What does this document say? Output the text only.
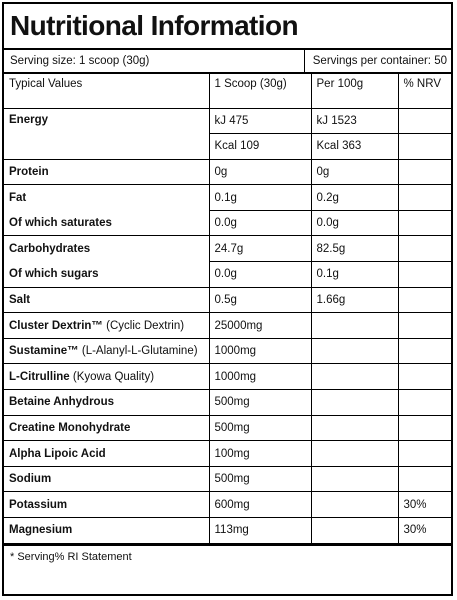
Nutritional Information
Serving size: 1 scoop (30g)	Servings per container: 50
Typical Values	1 Scoop (30g)	Per 100g	% NRV
Energy	kJ 475	kJ 1523	
	Kcal 109	Kcal 363	
Protein	0g	0g	
Fat	0.1g	0.2g	
Of which saturates	0.0g	0.0g	
Carbohydrates	24.7g	82.5g	
Of which sugars	0.0g	0.1g	
Salt	0.5g	1.66g	
Cluster Dextrin™ (Cyclic Dextrin)	25000mg		
Sustamine™ (L-Alanyl-L-Glutamine)	1000mg		
L-Citrulline (Kyowa Quality)	1000mg		
Betaine Anhydrous	500mg		
Creatine Monohydrate	500mg		
Alpha Lipoic Acid	100mg		
Sodium	500mg		
Potassium	600mg		30%
Magnesium	113mg		30%
* Serving% RI Statement
